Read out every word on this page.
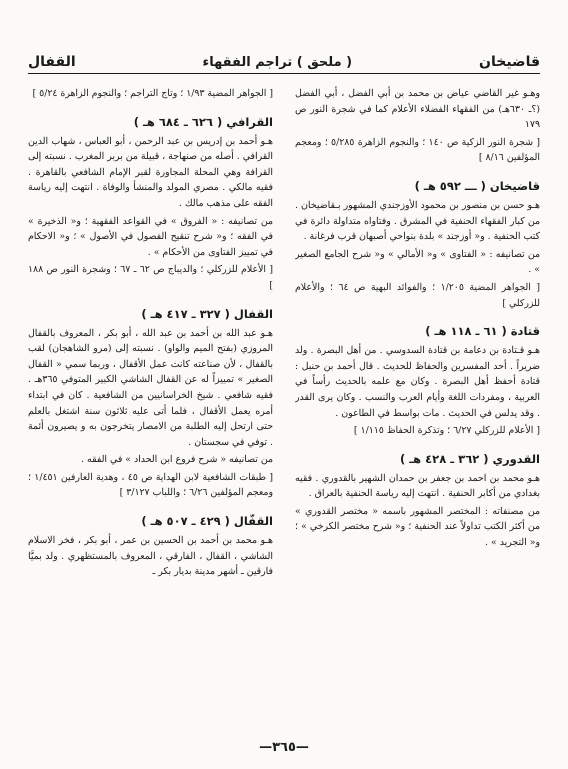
قاضيخان
( ملحق ) تراجم الفقهاء
القفال

وهـو غير القاضي عياض بن محمد بن أبي الفضل ، أبي الفضل (؟ـ ٦٣٠هـ) من الفقهاء الفضلاء الأعلام كما في شجرة النور ص ١٧٩

[ شجرة النور الزكية ص ١٤٠ ؛ والنجوم الزاهرة ٥/٢٨٥ ؛ ومعجم المؤلفين ٨/١٦ ]

قاضيخان ( ـــ ٥٩٢ هـ )

هـو حسن بن منصور بن محمود الأوزجندي المشهور بـقاضيخان . من كبار الفقهاء الحنفية في المشرق . وفتاواه متداولة دائرة في كتب الحنفية . و« أوزجند » بلدة بنواحي أصبهان قرب فرغانة .

من تصانيفه : « الفتاوى » و« الأمالي » و« شرح الجامع الصغير » .

[ الجواهر المضية ١/٢٠٥ ؛ والفوائد البهية ص ٦٤ ؛ والأعلام للزركلي ]

قتادة ( ٦١ ـ ١١٨ هـ )

هـو قـتادة بن دعامة بن قتادة السدوسي . من أهل البصرة . ولد ضريراً . أحد المفسرين والحفاظ للحديث . قال أحمد بن حنبل : قتادة أحفظ أهل البصرة . وكان مع علمه بالحديث رأساً في العربية ، ومفردات اللغة وأيام العرب والنسب . وكان يرى القدر . وقد يدلس في الحديث . مات بواسط في الطاعون .

[ الأعلام للزركلي ٦/٢٧ ؛ وتذكرة الحفاظ ١/١١٥ ]

القدوري ( ٣٦٢ ـ ٤٢٨ هـ )

هـو محمد بن احمد بن جعفر بن حمدان الشهير بالقدوري . فقيه بغدادي من أكابر الحنفية . انتهت إليه رياسة الحنفية بالعراق .

من مصنفاته : المختصر المشهور باسمه « مختصر القدوري » من أكثر الكتب تداولاً عند الحنفية ؛ و« شرح مختصر الكرخي » ؛ و« التجريد » .

[ الجواهر المضية ١/٩٣ ؛ وتاج التراجم ؛ والنجوم الزاهرة ٥/٢٤ ]

القرافي ( ٦٢٦ ـ ٦٨٤ هـ )

هـو أحمد بن إدريس بن عبد الرحمن ، أبو العباس ، شهاب الدين القرافي . أصله من صنهاجة ، قبيلة من بربر المغرب . نسبته إلى القرافة وهي المحلة المجاورة لقبر الإمام الشافعي بالقاهرة . فقيه مالكي . مصري المولد والمنشأ والوفاة . انتهت إليه رياسة الفقه على مذهب مالك .

من تصانيفه : « الفروق » في القواعد الفقهية ؛ و« الذخيرة » في الفقه ؛ و« شرح تنقيح الفصول في الأصول » ؛ و« الاحكام في تمييز الفتاوى من الأحكام » .

[ الأعلام للزركلي ؛ والديباج ص ٦٢ ـ ٦٧ ؛ وشجرة النور ص ١٨٨ ]

القفال ( ٣٢٧ ـ ٤١٧ هـ )

هـو عبد الله بن أحمد بن عبد الله ، أبو بكر ، المعروف بالقفال المروزي (بفتح الميم والواو) . نسبته إلى (مرو الشاهجان) لقب بالقفال ، لأن صناعته كانت عمل الأقفال ، وربما سمي « القفال الصغير » تمييزاً له عن القفال الشاشي الكبير المتوفي ٣٦٥هـ . فقيه شافعي . شيخ الخراسانيين من الشافعية . كان في ابتداء أمره يعمل الأقفال ، فلما أتى عليه ثلاثون سنة اشتغل بالعلم حتى ارتحل إليه الطلبة من الامصار يتخرجون به و يصيرون أئمة . توفي في سجستان .

من تصانيفه « شرح فروع ابن الحداد » في الفقه .

[ طبقات الشافعية لابن الهداية ص ٤٥ ، وهدية العارفين ١/٤٥١ ؛ ومعجم المؤلفين ٦/٢٦ ؛ واللباب ٣/١٢٧ ]

القفّال ( ٤٢٩ ـ ٥٠٧ هـ )

هـو محمد بن أحمد بن الحسين بن عمر ، أبو بكر ، فخر الاسلام الشاشي ، القفال ، الفارقي ، المعروف بالمستظهري . ولد بميَّا فارقين ـ أشهر مدينة بديار بكر ـ

—٣٦٥—
